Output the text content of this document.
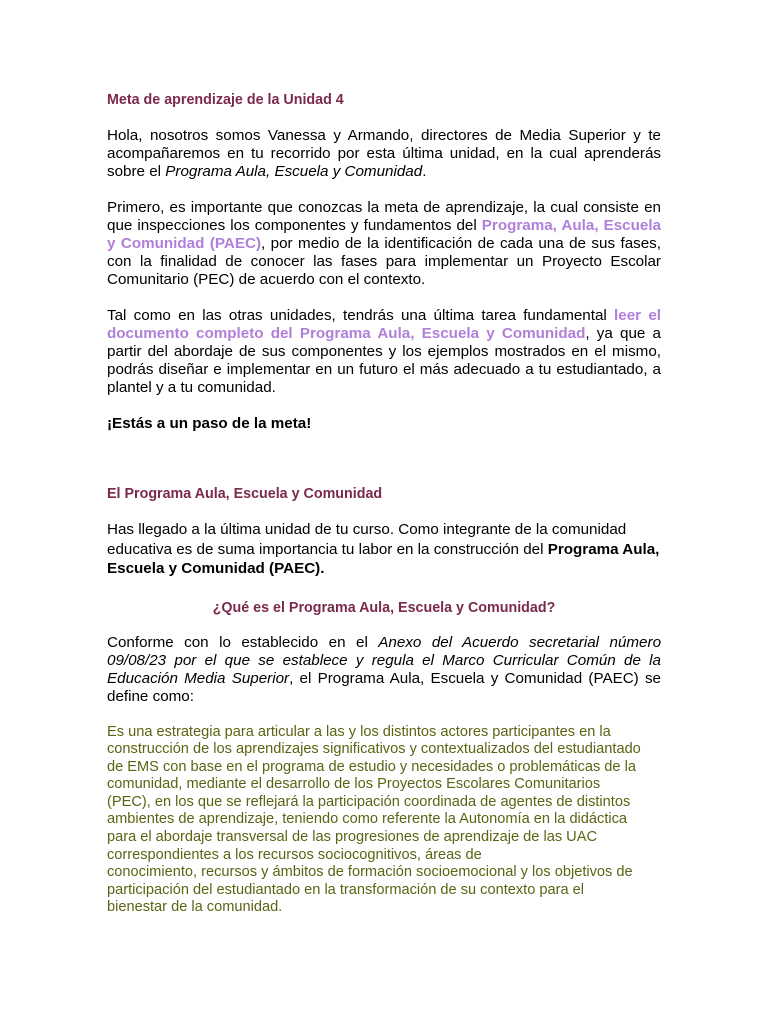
Meta de aprendizaje de la Unidad 4

Hola, nosotros somos Vanessa y Armando, directores de Media Superior y te acompañaremos en tu recorrido por esta última unidad, en la cual aprenderás sobre el Programa Aula, Escuela y Comunidad.

Primero, es importante que conozcas la meta de aprendizaje, la cual consiste en que inspecciones los componentes y fundamentos del Programa, Aula, Escuela y Comunidad (PAEC), por medio de la identificación de cada una de sus fases, con la finalidad de conocer las fases para implementar un Proyecto Escolar Comunitario (PEC) de acuerdo con el contexto.

Tal como en las otras unidades, tendrás una última tarea fundamental leer el documento completo del Programa Aula, Escuela y Comunidad, ya que a partir del abordaje de sus componentes y los ejemplos mostrados en el mismo, podrás diseñar e implementar en un futuro el más adecuado a tu estudiantado, a plantel y a tu comunidad.

¡Estás a un paso de la meta!

El Programa Aula, Escuela y Comunidad

Has llegado a la última unidad de tu curso. Como integrante de la comunidad educativa es de suma importancia tu labor en la construcción del Programa Aula, Escuela y Comunidad (PAEC).

¿Qué es el Programa Aula, Escuela y Comunidad?

Conforme con lo establecido en el Anexo del Acuerdo secretarial número 09/08/23 por el que se establece y regula el Marco Curricular Común de la Educación Media Superior, el Programa Aula, Escuela y Comunidad (PAEC) se define como:

Es una estrategia para articular a las y los distintos actores participantes en la
construcción de los aprendizajes significativos y contextualizados del estudiantado
de EMS con base en el programa de estudio y necesidades o problemáticas de la
comunidad, mediante el desarrollo de los Proyectos Escolares Comunitarios
(PEC), en los que se reflejará la participación coordinada de agentes de distintos
ambientes de aprendizaje, teniendo como referente la Autonomía en la didáctica
para el abordaje transversal de las progresiones de aprendizaje de las UAC
correspondientes a los recursos sociocognitivos, áreas de
conocimiento, recursos y ámbitos de formación socioemocional y los objetivos de
participación del estudiantado en la transformación de su contexto para el
bienestar de la comunidad.
